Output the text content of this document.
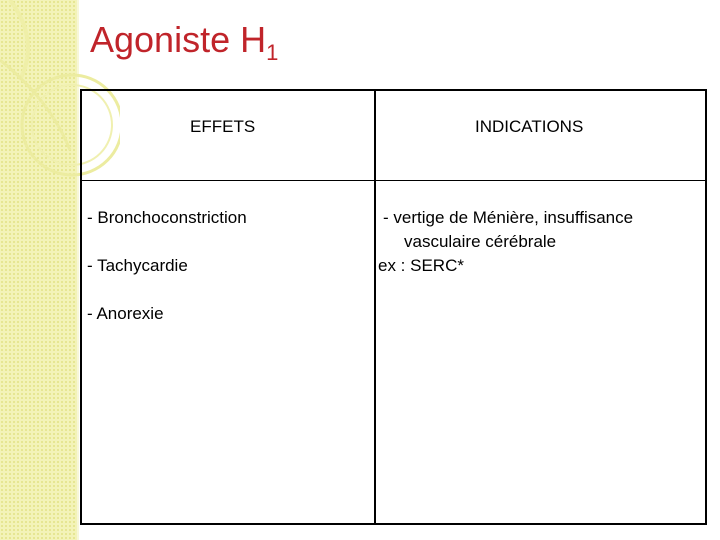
Agoniste $H_1$
EFFETS	INDICATIONS
- Bronchoconstriction
- Tachycardie
- Anorexie
- vertige de Ménière, insuffisance
vasculaire cérébrale
ex : SERC*
